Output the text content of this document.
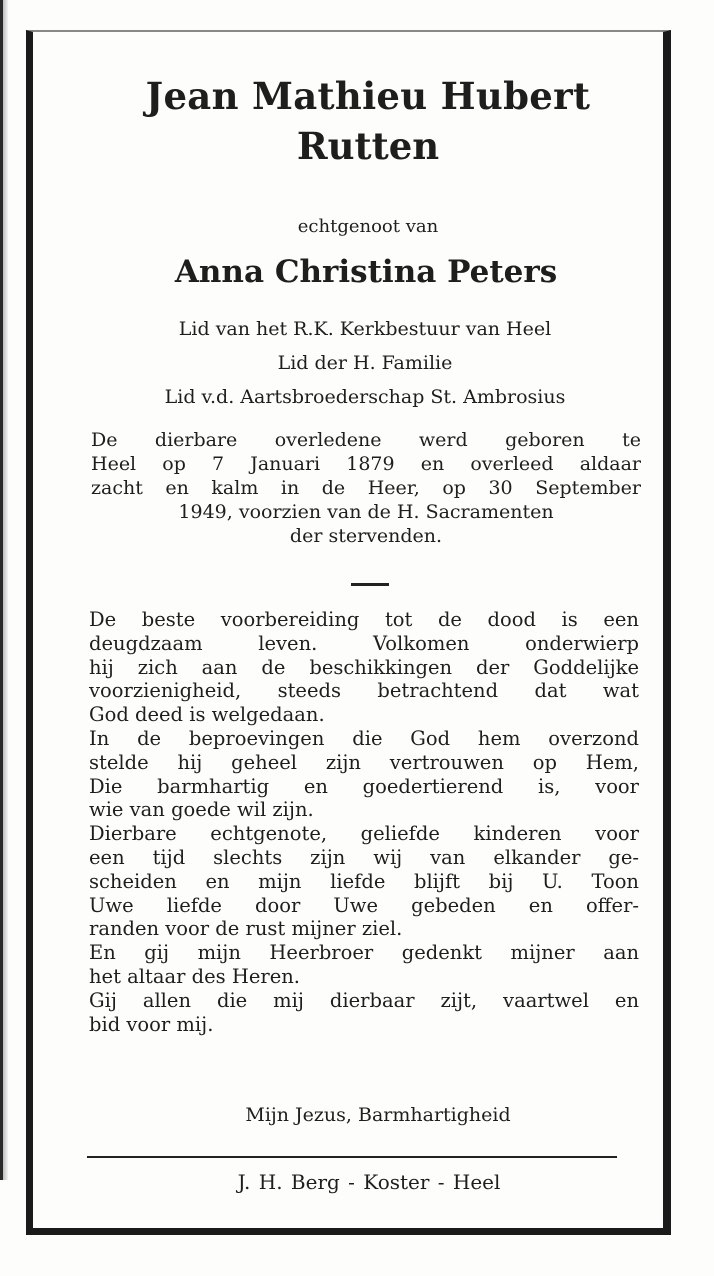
Jean Mathieu Hubert
Rutten
echtgenoot van
Anna Christina Peters
Lid van het R.K. Kerkbestuur van Heel
Lid der H. Familie
Lid v.d. Aartsbroederschap St. Ambrosius
De dierbare overledene werd geboren te
Heel op 7 Januari 1879 en overleed aldaar
zacht en kalm in de Heer, op 30 September
1949, voorzien van de H. Sacramenten
der stervenden.

De beste voorbereiding tot de dood is een
deugdzaam leven. Volkomen onderwierp
hij zich aan de beschikkingen der Goddelijke
voorzienigheid, steeds betrachtend dat wat
God deed is welgedaan.

In de beproevingen die God hem overzond
stelde hij geheel zijn vertrouwen op Hem,
Die barmhartig en goedertierend is, voor
wie van goede wil zijn.

Dierbare echtgenote, geliefde kinderen voor
een tijd slechts zijn wij van elkander ge-
scheiden en mijn liefde blijft bij U. Toon
Uwe liefde door Uwe gebeden en offer-
randen voor de rust mijner ziel.

En gij mijn Heerbroer gedenkt mijner aan
het altaar des Heren.

Gij allen die mij dierbaar zijt, vaartwel en
bid voor mij.

Mijn Jezus, Barmhartigheid
J. H. Berg - Koster - Heel
